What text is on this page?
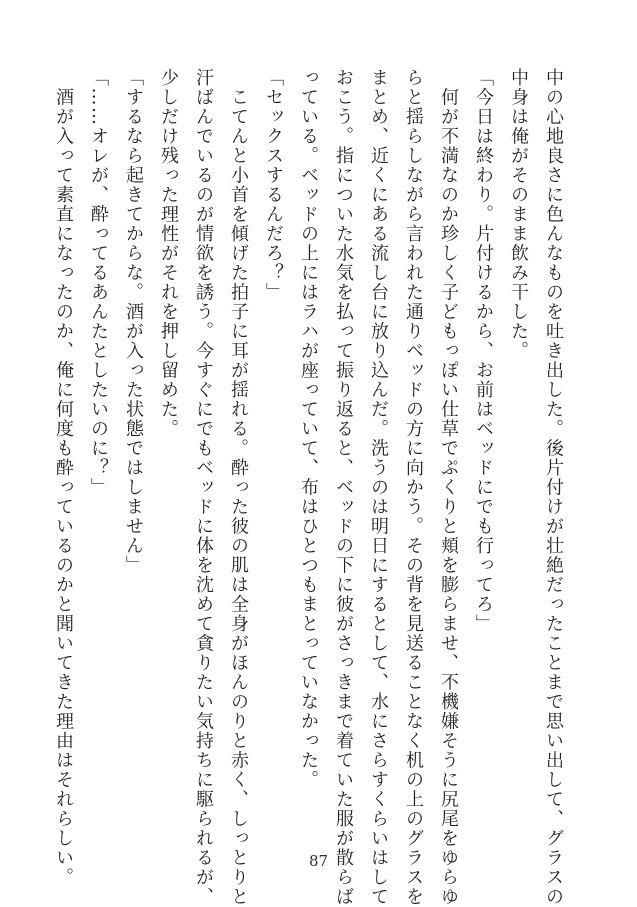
中の心地良さに色んなものを吐き出した。後片付けが壮絶だったことまで思い出して、グラスの
中身は俺がそのまま飲み干した。
「今日は終わり。片付けるから、お前はベッドにでも行ってろ」
　何が不満なのか珍しく子どもっぽい仕草でぷくりと頬を膨らませ、不機嫌そうに尻尾をゆらゆ
らと揺らしながら言われた通りベッドの方に向かう。その背を見送ることなく机の上のグラスを
まとめ、近くにある流し台に放り込んだ。洗うのは明日にするとして、水にさらすくらいはして
おこう。指についた水気を払って振り返ると、ベッドの下に彼がさっきまで着ていた服が散らば
っている。ベッドの上にはラハが座っていて、布はひとつもまとっていなかった。
「セックスするんだろ？」
　こてんと小首を傾げた拍子に耳が揺れる。酔った彼の肌は全身がほんのりと赤く、しっとりと
汗ばんでいるのが情欲を誘う。今すぐにでもベッドに体を沈めて貪りたい気持ちに駆られるが、
少しだけ残った理性がそれを押し留めた。
「するなら起きてからな。酒が入った状態ではしません」
「……オレが、酔ってるあんたとしたいのに？」
　酒が入って素直になったのか、俺に何度も酔っているのかと聞いてきた理由はそれらしい。	87
